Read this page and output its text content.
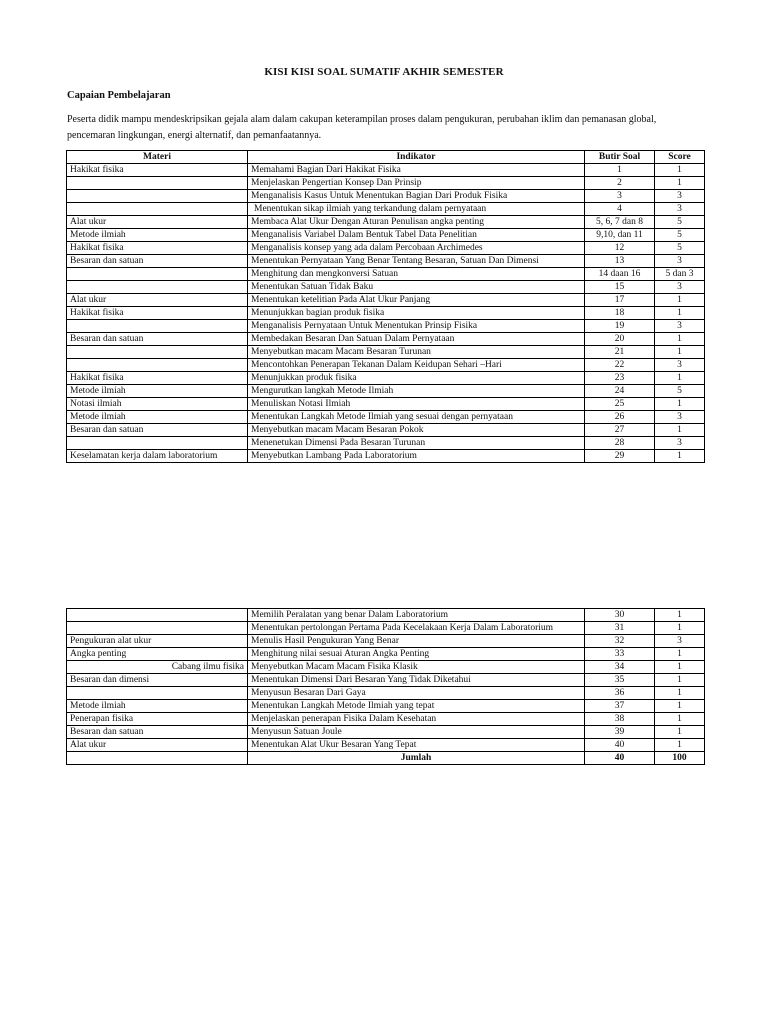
KISI KISI SOAL SUMATIF AKHIR SEMESTER
Capaian Pembelajaran

Peserta didik mampu mendeskripsikan gejala alam dalam cakupan keterampilan proses dalam pengukuran, perubahan iklim dan pemanasan global, pencemaran lingkungan, energi alternatif, dan pemanfaatannya.

Materi	Indikator	Butir Soal	Score
Hakikat fisika	Memahami Bagian Dari Hakikat Fisika	1	1
	Menjelaskan Pengertian Konsep Dan Prinsip	2	1
	Menganalisis Kasus Untuk Menentukan Bagian Dari Produk Fisika	3	3
	Menentukan sikap ilmiah yang terkandung dalam pernyataan	4	3
Alat ukur	Membaca Alat Ukur Dengan Aturan Penulisan angka penting	5, 6, 7 dan 8	5
Metode ilmiah	Menganalisis Variabel Dalam Bentuk Tabel Data Penelitian	9,10, dan 11	5
Hakikat fisika	Menganalisis konsep yang ada dalam Percobaan Archimedes	12	5
Besaran dan satuan	Menentukan Pernyataan Yang Benar Tentang Besaran, Satuan Dan Dimensi	13	3
	Menghitung dan mengkonversi Satuan	14 daan 16	5 dan 3
	Menentukan Satuan Tidak Baku	15	3
Alat ukur	Menentukan ketelitian Pada Alat Ukur Panjang	17	1
Hakikat fisika	Menunjukkan bagian produk fisika	18	1
	Menganalisis Pernyataan Untuk Menentukan Prinsip Fisika	19	3
Besaran dan satuan	Membedakan Besaran Dan Satuan Dalam Pernyataan	20	1
	Menyebutkan macam Macam Besaran Turunan	21	1
	Mencontohkan Penerapan Tekanan Dalam Keidupan Sehari –Hari	22	3
Hakikat fisika	Menunjukkan produk fisika	23	1
Metode ilmiah	Mengurutkan langkah Metode Ilmiah	24	5
Notasi ilmiah	Menuliskan Notasi Ilmiah	25	1
Metode ilmiah	Menentukan Langkah Metode Ilmiah yang sesuai dengan pernyataan	26	3
Besaran dan satuan	Menyebutkan macam Macam Besaran Pokok	27	1
	Menenetukan Dimensi Pada Besaran Turunan	28	3
Keselamatan kerja dalam laboratorium	Menyebutkan Lambang Pada Laboratorium	29	1
	Memilih Peralatan yang benar Dalam Laboratorium	30	1
	Menentukan pertolongan Pertama Pada Kecelakaan Kerja Dalam Laboratorium	31	1
Pengukuran alat ukur	Menulis Hasil Pengukuran Yang Benar	32	3
Angka penting	Menghitung nilai sesuai Aturan Angka Penting	33	1
Cabang ilmu fisika	Menyebutkan Macam Macam Fisika Klasik	34	1
Besaran dan dimensi	Menentukan Dimensi Dari Besaran Yang Tidak Diketahui	35	1
	Menyusun Besaran Dari Gaya	36	1
Metode ilmiah	Menentukan Langkah Metode Ilmiah yang tepat	37	1
Penerapan fisika	Menjelaskan penerapan Fisika Dalam Kesehatan	38	1
Besaran dan satuan	Menyusun Satuan Joule	39	1
Alat ukur	Menentukan Alat Ukur Besaran Yang Tepat	40	1
	Jumlah	40	100
